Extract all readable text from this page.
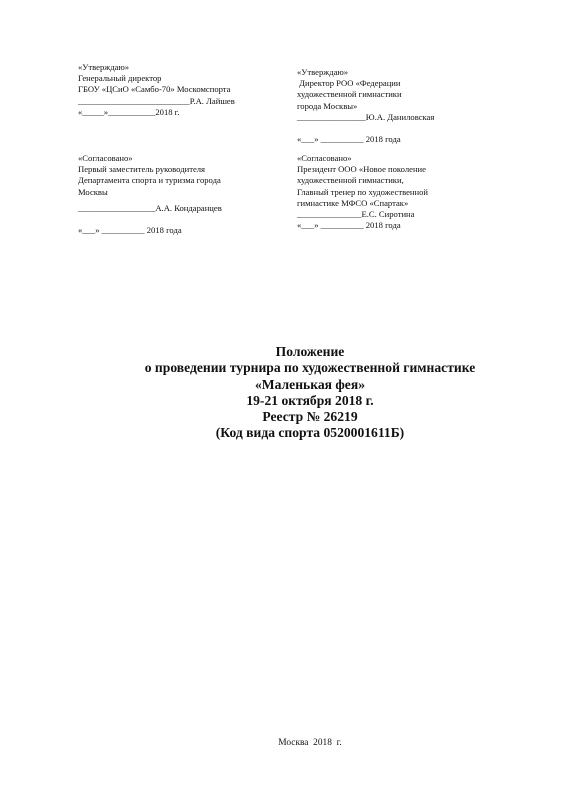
«Утверждаю»
Генеральный директор
ГБОУ «ЦСиО «Самбо-70» Москомспорта
__________________________Р.А. Лайшев
«_____»___________2018 г.
«Утверждаю»
Директор РОО «Федерации
художественной гимнастики
города Москвы»
________________Ю.А. Даниловская
«___» __________ 2018 года
«Согласовано»
Первый заместитель руководителя
Департамента спорта и туризма города
Москвы
__________________А.А. Кондаранцев
«___» __________ 2018 года
«Согласовано»
Президент ООО «Новое поколение
художественной гимнастики,
Главный тренер по художественной
гимнастике МФСО «Спартак»
_______________Е.С. Сиротина
«___» __________ 2018 года
Положение
о проведении турнира по художественной гимнастике
«Маленькая фея»
19-21 октября 2018 г.
Реестр № 26219
(Код вида спорта 0520001611Б)
Москва  2018  г.
